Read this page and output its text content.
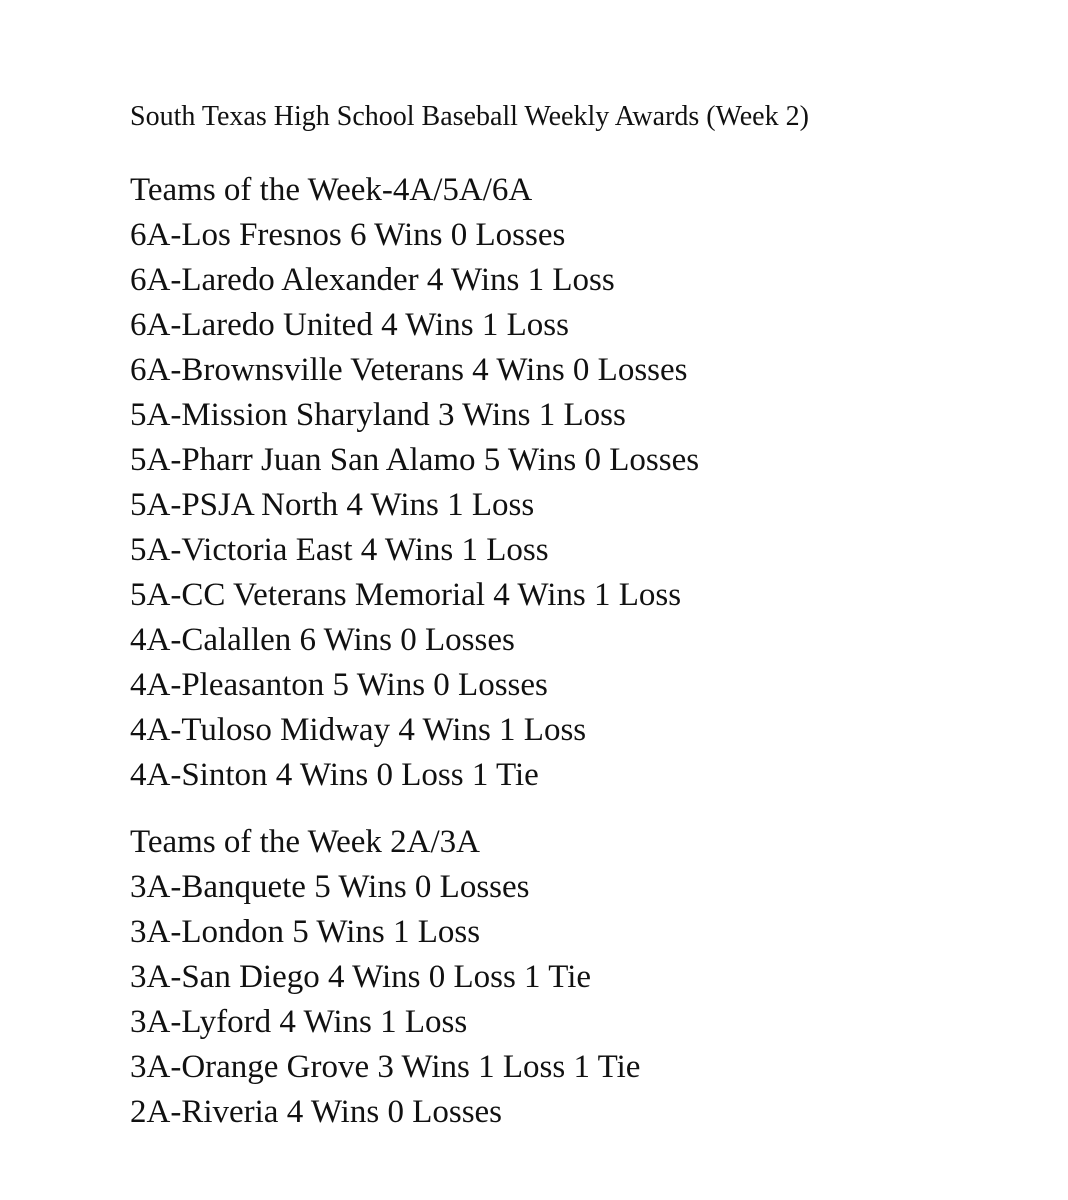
South Texas High School Baseball Weekly Awards (Week 2)
Teams of the Week-4A/5A/6A
6A-Los Fresnos 6 Wins 0 Losses
6A-Laredo Alexander 4 Wins 1 Loss
6A-Laredo United 4 Wins 1 Loss
6A-Brownsville Veterans 4 Wins 0 Losses
5A-Mission Sharyland 3 Wins 1 Loss
5A-Pharr Juan San Alamo 5 Wins 0 Losses
5A-PSJA North 4 Wins 1 Loss
5A-Victoria East 4 Wins 1 Loss
5A-CC Veterans Memorial 4 Wins 1 Loss
4A-Calallen 6 Wins 0 Losses
4A-Pleasanton 5 Wins 0 Losses
4A-Tuloso Midway 4 Wins 1 Loss
4A-Sinton 4 Wins 0 Loss 1 Tie
Teams of the Week 2A/3A
3A-Banquete 5 Wins 0 Losses
3A-London 5 Wins 1 Loss
3A-San Diego 4 Wins 0 Loss 1 Tie
3A-Lyford 4 Wins 1 Loss
3A-Orange Grove 3 Wins 1 Loss 1 Tie
2A-Riveria 4 Wins 0 Losses
